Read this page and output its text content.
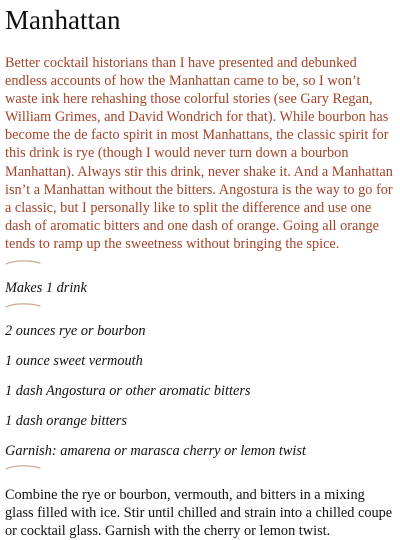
Manhattan

Better cocktail historians than I have presented and debunked endless accounts of how the Manhattan came to be, so I won’t waste ink here rehashing those colorful stories (see Gary Regan, William Grimes, and David Wondrich for that). While bourbon has become the de facto spirit in most Manhattans, the classic spirit for this drink is rye (though I would never turn down a bourbon Manhattan). Always stir this drink, never shake it. And a Manhattan isn’t a Manhattan without the bitters. Angostura is the way to go for a classic, but I personally like to split the difference and use one dash of aromatic bitters and one dash of orange. Going all orange tends to ramp up the sweetness without bringing the spice.

Makes 1 drink

2 ounces rye or bourbon
1 ounce sweet vermouth
1 dash Angostura or other aromatic bitters
1 dash orange bitters
Garnish: amarena or marasca cherry or lemon twist

Combine the rye or bourbon, vermouth, and bitters in a mixing glass filled with ice. Stir until chilled and strain into a chilled coupe or cocktail glass. Garnish with the cherry or lemon twist.
